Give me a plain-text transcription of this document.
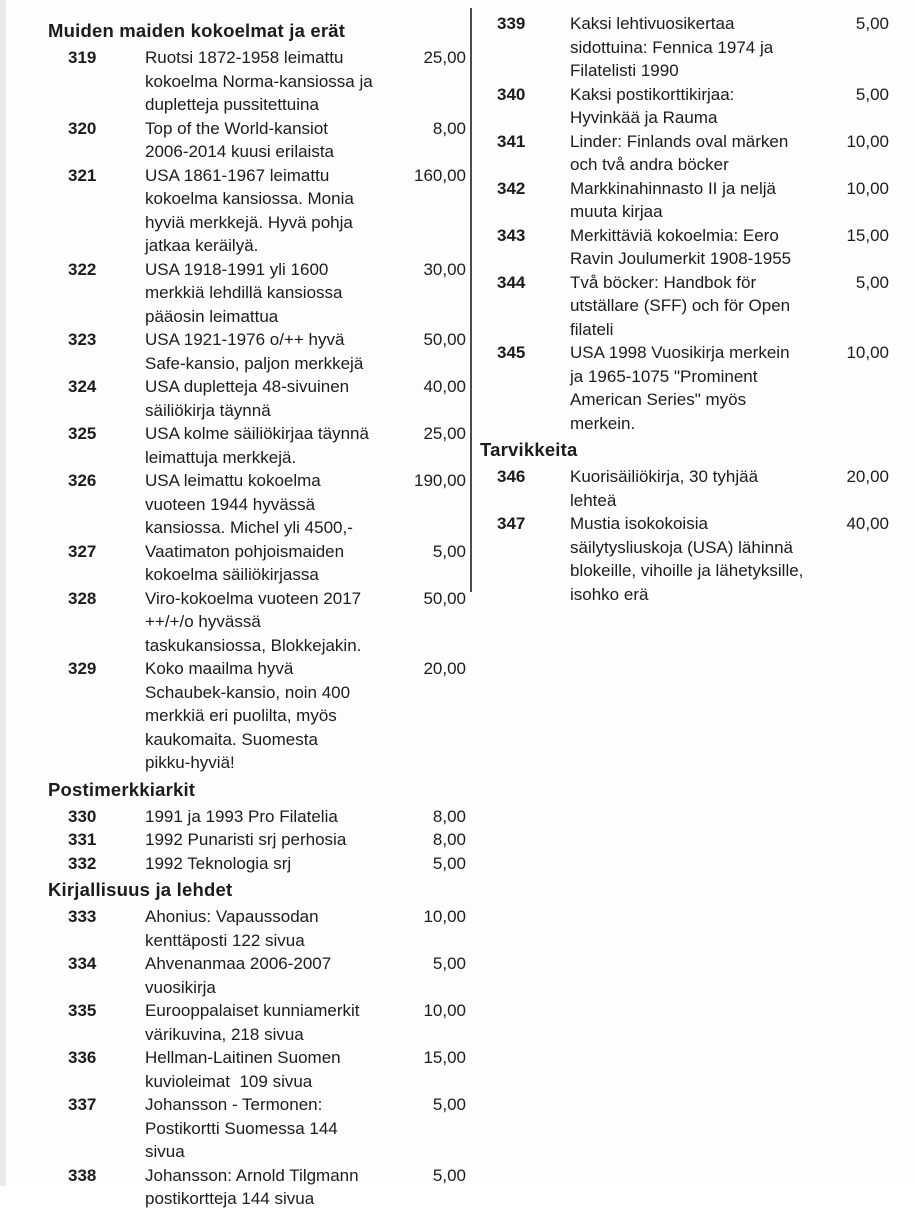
Muiden maiden kokoelmat ja erät
319	Ruotsi 1872-1958 leimattu
kokoelma Norma-kansiossa ja
dupletteja pussitettuina
25,00
320	Top of the World-kansiot
2006-2014 kuusi erilaista
8,00
321	USA 1861-1967 leimattu
kokoelma kansiossa. Monia
hyviä merkkejä. Hyvä pohja
jatkaa keräilyä.
160,00
322	USA 1918-1991 yli 1600
merkkiä lehdillä kansiossa
pääosin leimattua
30,00
323	USA 1921-1976 o/++ hyvä
Safe-kansio, paljon merkkejä
50,00
324	USA dupletteja 48-sivuinen
säiliökirja täynnä
40,00
325	USA kolme säiliökirjaa täynnä
leimattuja merkkejä.
25,00
326	USA leimattu kokoelma
vuoteen 1944 hyvässä
kansiossa. Michel yli 4500,-
190,00
327	Vaatimaton pohjoismaiden
kokoelma säiliökirjassa
5,00
328	Viro-kokoelma vuoteen 2017
++/+/o hyvässä
taskukansiossa, Blokkejakin.
50,00
329	Koko maailma hyvä
Schaubek-kansio, noin 400
merkkiä eri puolilta, myös
kaukomaita. Suomesta
pikku-hyviä!
20,00
Postimerkkiarkit
330	1991 ja 1993 Pro Filatelia	8,00
331	1992 Punaristi srj perhosia	8,00
332	1992 Teknologia srj	5,00
Kirjallisuus ja lehdet
333	Ahonius: Vapaussodan
kenttäposti 122 sivua
10,00
334	Ahvenanmaa 2006-2007
vuosikirja
5,00
335	Eurooppalaiset kunniamerkit
värikuvina, 218 sivua
10,00
336	Hellman-Laitinen Suomen
kuvioleimat  109 sivua
15,00
337	Johansson - Termonen:
Postikortti Suomessa 144
sivua
5,00
338	Johansson: Arnold Tilgmann
postikortteja 144 sivua
5,00
339	Kaksi lehtivuosikertaa
sidottuina: Fennica 1974 ja
Filatelisti 1990
5,00
340	Kaksi postikorttikirjaa:
Hyvinkää ja Rauma
5,00
341	Linder: Finlands oval märken
och två andra böcker
10,00
342	Markkinahinnasto II ja neljä
muuta kirjaa
10,00
343	Merkittäviä kokoelmia: Eero
Ravin Joulumerkit 1908-1955
15,00
344	Två böcker: Handbok för
utställare (SFF) och för Open
filateli
5,00
345	USA 1998 Vuosikirja merkein
ja 1965-1075 "Prominent
American Series" myös
merkein.
10,00
Tarvikkeita
346	Kuorisäiliökirja, 30 tyhjää
lehteä
20,00
347	Mustia isokokoisia
säilytysliuskoja (USA) lähinnä
blokeille, vihoille ja lähetyksille,
isohko erä
40,00
